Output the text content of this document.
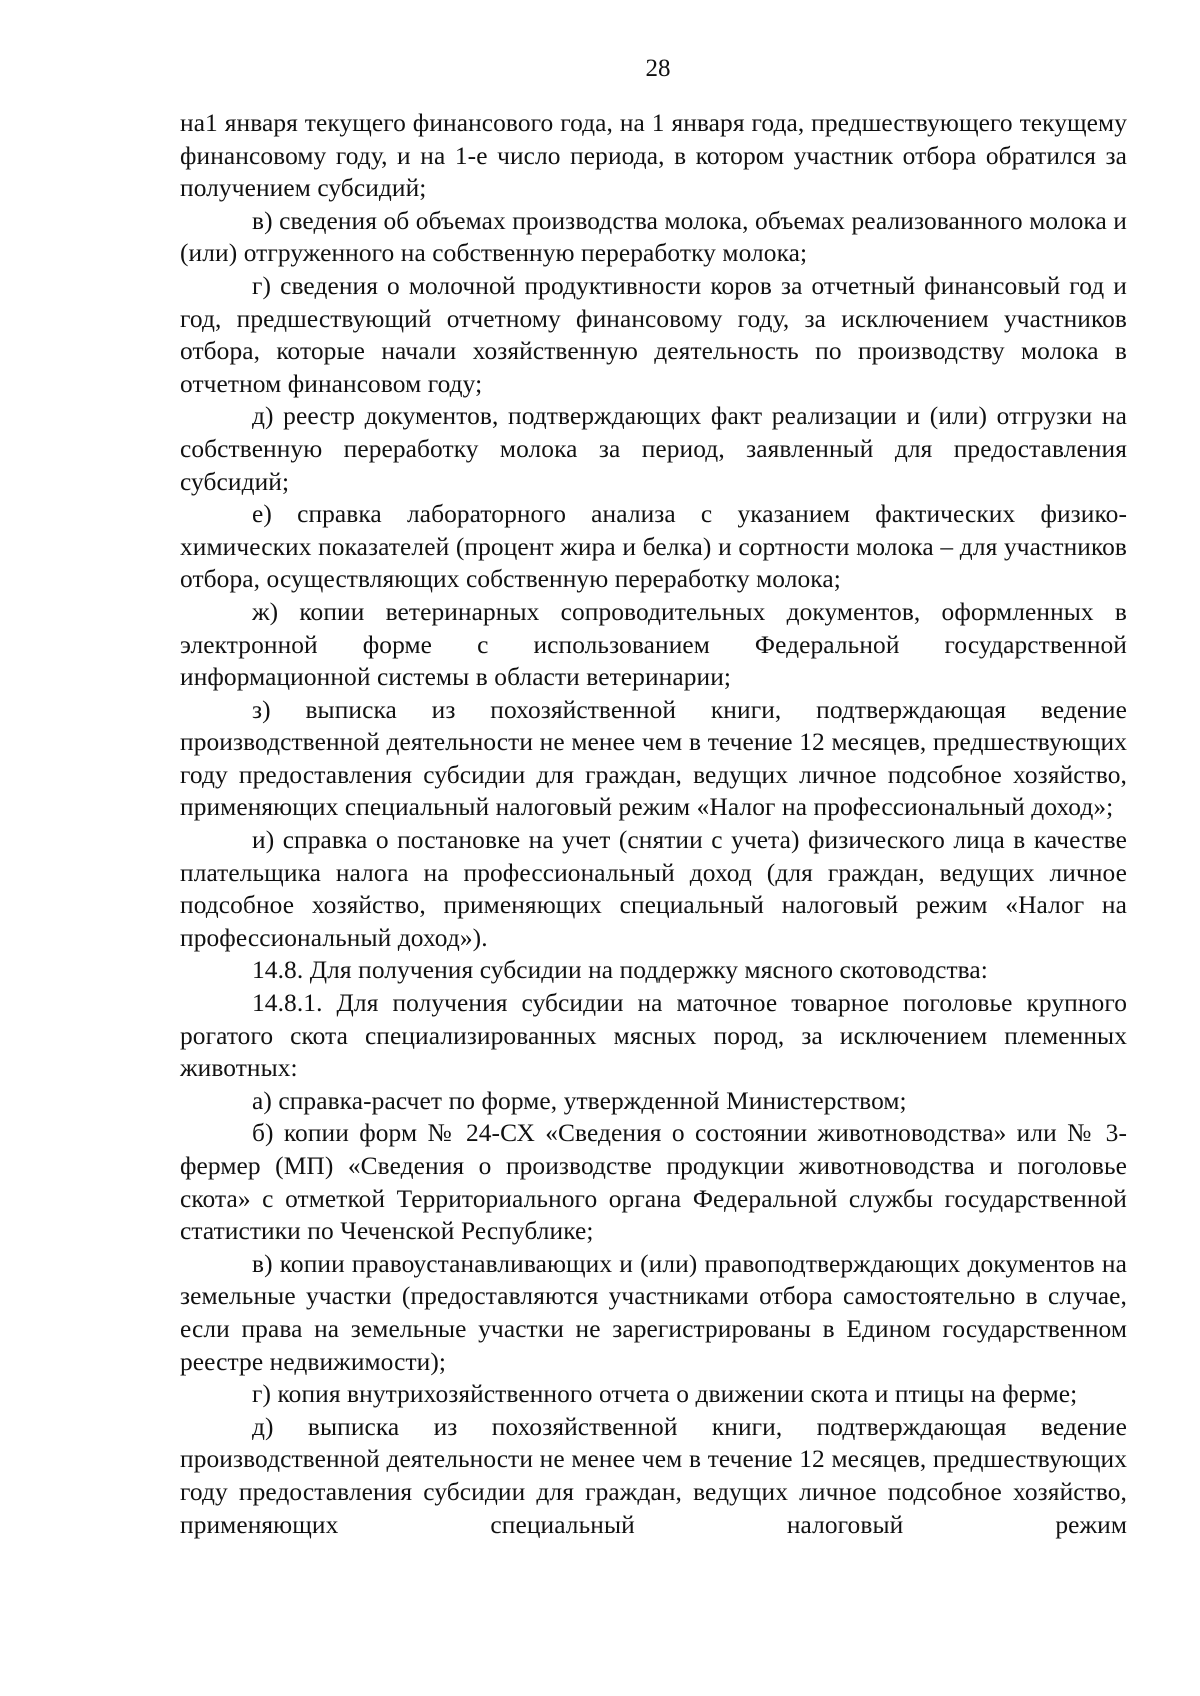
28

на1 января текущего финансового года, на 1 января года, предшествующего текущему финансовому году, и на 1-е число периода, в котором участник отбора обратился за получением субсидий;

в) сведения об объемах производства молока, объемах реализованного молока и (или) отгруженного на собственную переработку молока;

г) сведения о молочной продуктивности коров за отчетный финансовый год и год, предшествующий отчетному финансовому году, за исключением участников отбора, которые начали хозяйственную деятельность по производству молока в отчетном финансовом году;

д) реестр документов, подтверждающих факт реализации и (или) отгрузки на собственную переработку молока за период, заявленный для предоставления субсидий;

е) справка лабораторного анализа с указанием фактических физико-химических показателей (процент жира и белка) и сортности молока – для участников отбора, осуществляющих собственную переработку молока;

ж) копии ветеринарных сопроводительных документов, оформленных в электронной форме с использованием Федеральной государственной информационной системы в области ветеринарии;

з) выписка из похозяйственной книги, подтверждающая ведение производственной деятельности не менее чем в течение 12 месяцев, предшествующих году предоставления субсидии для граждан, ведущих личное подсобное хозяйство, применяющих специальный налоговый режим «Налог на профессиональный доход»;

и) справка о постановке на учет (снятии с учета) физического лица в качестве плательщика налога на профессиональный доход (для граждан, ведущих личное подсобное хозяйство, применяющих специальный налоговый режим «Налог на профессиональный доход»).

14.8. Для получения субсидии на поддержку мясного скотоводства:

14.8.1. Для получения субсидии на маточное товарное поголовье крупного рогатого скота специализированных мясных пород, за исключением племенных животных:

а) справка-расчет по форме, утвержденной Министерством;

б) копии форм № 24-СХ «Сведения о состоянии животноводства» или № 3-фермер (МП) «Сведения о производстве продукции животноводства и поголовье скота» с отметкой Территориального органа Федеральной службы государственной статистики по Чеченской Республике;

в) копии правоустанавливающих и (или) правоподтверждающих документов на земельные участки (предоставляются участниками отбора самостоятельно в случае, если права на земельные участки не зарегистрированы в Едином государственном реестре недвижимости);

г) копия внутрихозяйственного отчета о движении скота и птицы на ферме;

д) выписка из похозяйственной книги, подтверждающая ведение производственной деятельности не менее чем в течение 12 месяцев, предшествующих году предоставления субсидии для граждан, ведущих личное подсобное хозяйство, применяющих специальный налоговый режим
